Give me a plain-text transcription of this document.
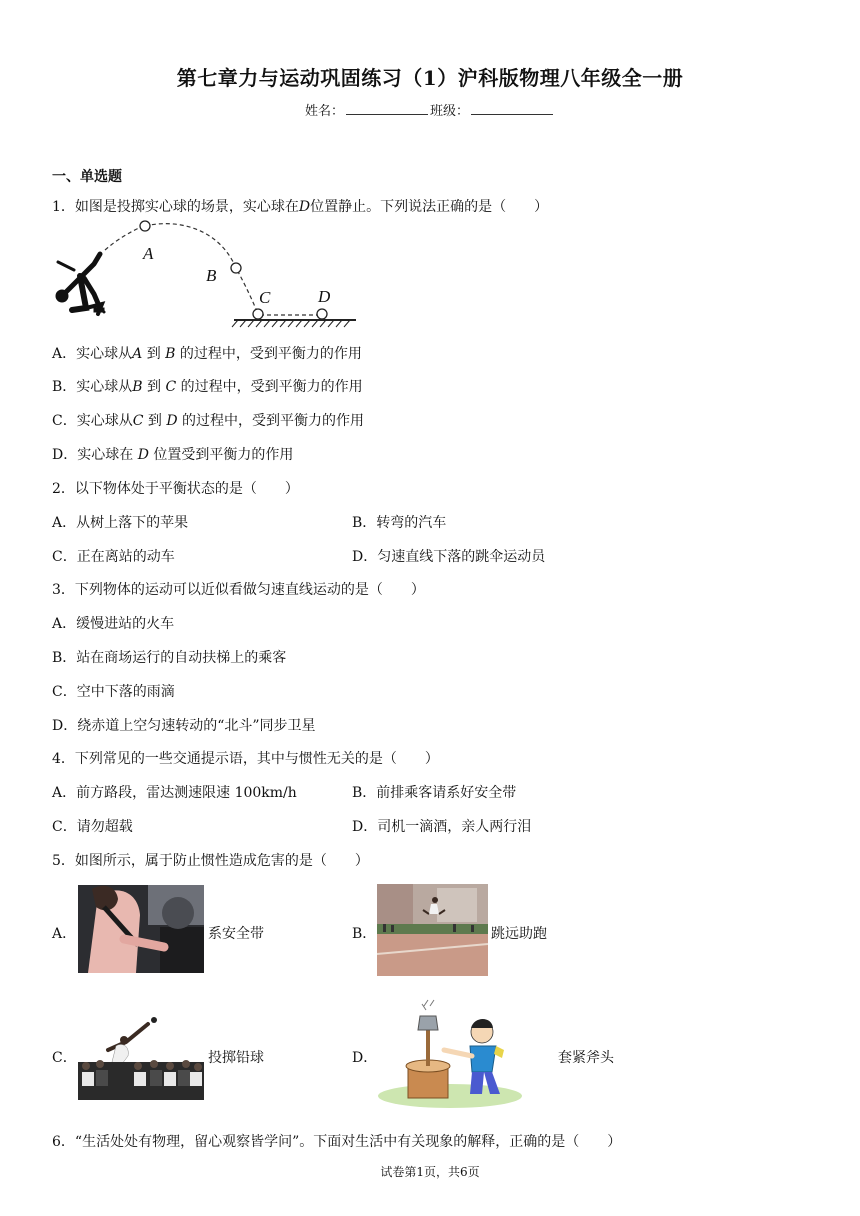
第七章力与运动巩固练习（1）沪科版物理八年级全一册
姓名：	班级：
一、单选题
1．如图是投掷实心球的场景，实心球在D位置静止。下列说法正确的是（　　）
A
B
C	D
A．实心球从A 到 B 的过程中，受到平衡力的作用
B．实心球从B 到 C 的过程中，受到平衡力的作用
C．实心球从C 到 D 的过程中，受到平衡力的作用
D．实心球在 D 位置受到平衡力的作用
2．以下物体处于平衡状态的是（　　）
A．从树上落下的苹果	B．转弯的汽车
C．正在离站的动车	D．匀速直线下落的跳伞运动员
3．下列物体的运动可以近似看做匀速直线运动的是（　　）
A．缓慢进站的火车
B．站在商场运行的自动扶梯上的乘客
C．空中下落的雨滴
D．绕赤道上空匀速转动的“北斗”同步卫星
4．下列常见的一些交通提示语，其中与惯性无关的是（　　）
A．前方路段，雷达测速限速 100km/h	B．前排乘客请系好安全带
C．请勿超载	D．司机一滴酒，亲人两行泪
5．如图所示，属于防止惯性造成危害的是（　　）
A．	系安全带	B．	跳远助跑
C．	投掷铅球	D．	套紧斧头
6．“生活处处有物理，留心观察皆学问”。下面对生活中有关现象的解释，正确的是（　　）
试卷第1页，共6页
